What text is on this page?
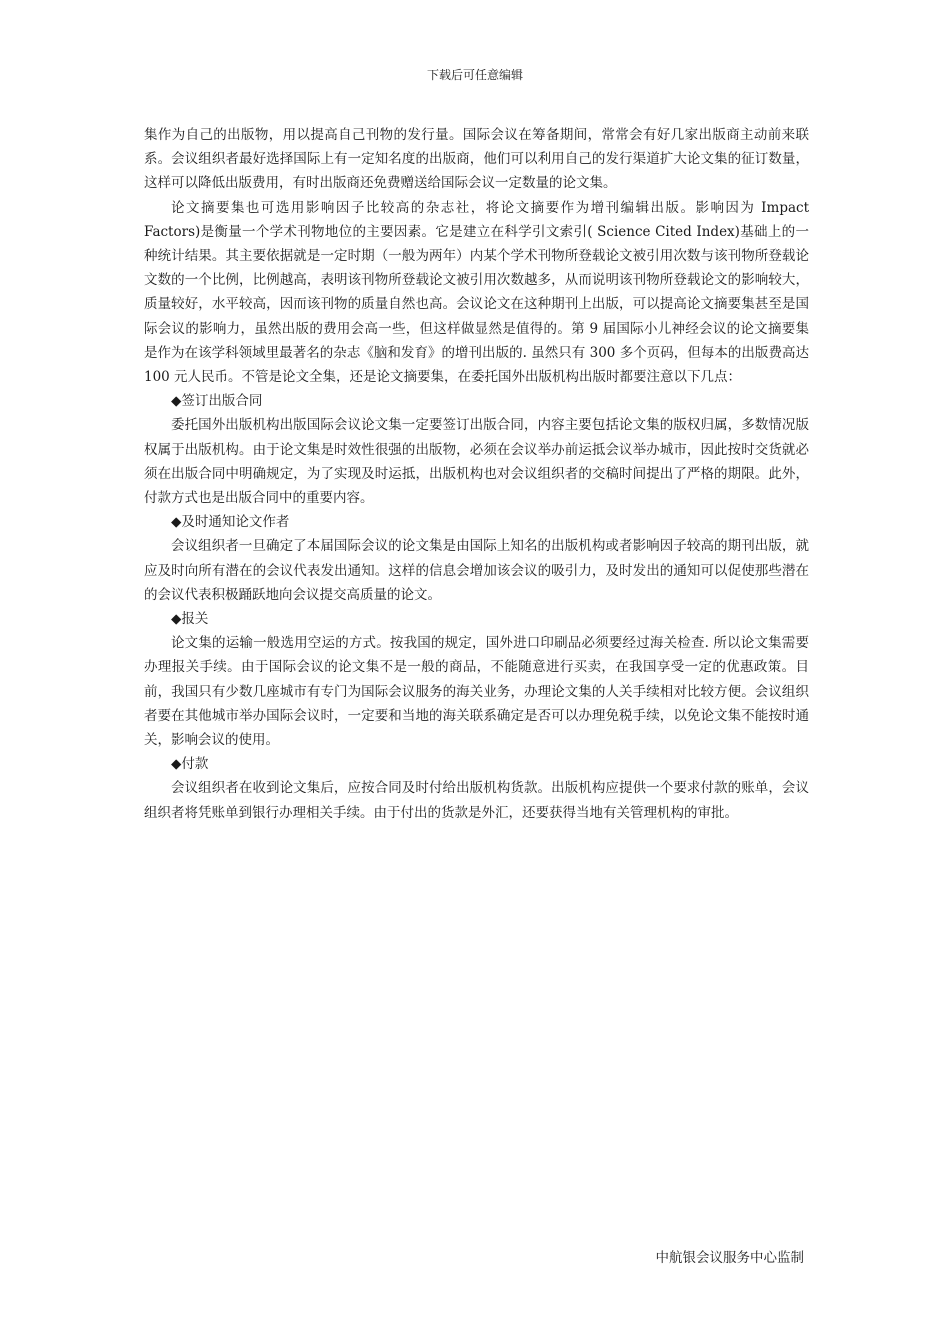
下载后可任意编辑

集作为自己的出版物，用以提高自己刊物的发行量。国际会议在筹备期间，常常会有好几家出版商主动前来联系。会议组织者最好选择国际上有一定知名度的出版商，他们可以利用自己的发行渠道扩大论文集的征订数量，这样可以降低出版费用，有时出版商还免费赠送给国际会议一定数量的论文集。

论文摘要集也可选用影响因子比较高的杂志社，将论文摘要作为增刊编辑出版。影响因为 Impact Factors)是衡量一个学术刊物地位的主要因素。它是建立在科学引文索引( Science Cited Index)基础上的一种统计结果。其主要依据就是一定时期（一般为两年）内某个学术刊物所登载论文被引用次数与该刊物所登载论文数的一个比例，比例越高，表明该刊物所登载论文被引用次数越多，从而说明该刊物所登载论文的影响较大，质量较好，水平较高，因而该刊物的质量自然也高。会议论文在这种期刊上出版，可以提高论文摘要集甚至是国际会议的影响力，虽然出版的费用会高一些，但这样做显然是值得的。第 9 届国际小儿神经会议的论文摘要集是作为在该学科领域里最著名的杂志《脑和发育》的增刊出版的. 虽然只有 300 多个页码，但每本的出版费高达 100 元人民币。不管是论文全集，还是论文摘要集，在委托国外出版机构出版时都要注意以下几点：

◆签订出版合同

委托国外出版机构出版国际会议论文集一定要签订出版合同，内容主要包括论文集的版权归属，多数情况版权属于出版机构。由于论文集是时效性很强的出版物，必须在会议举办前运抵会议举办城市，因此按时交货就必须在出版合同中明确规定，为了实现及时运抵，出版机构也对会议组织者的交稿时间提出了严格的期限。此外，付款方式也是出版合同中的重要内容。

◆及时通知论文作者

会议组织者一旦确定了本届国际会议的论文集是由国际上知名的出版机构或者影响因子较高的期刊出版，就应及时向所有潜在的会议代表发出通知。这样的信息会增加该会议的吸引力，及时发出的通知可以促使那些潜在的会议代表积极踊跃地向会议提交高质量的论文。

◆报关

论文集的运输一般选用空运的方式。按我国的规定，国外进口印刷品必须要经过海关检查. 所以论文集需要办理报关手续。由于国际会议的论文集不是一般的商品，不能随意进行买卖，在我国享受一定的优惠政策。目前，我国只有少数几座城市有专门为国际会议服务的海关业务，办理论文集的人关手续相对比较方便。会议组织者要在其他城市举办国际会议时，一定要和当地的海关联系确定是否可以办理免税手续，以免论文集不能按时通关，影响会议的使用。

◆付款

会议组织者在收到论文集后，应按合同及时付给出版机构货款。出版机构应提供一个要求付款的账单，会议组织者将凭账单到银行办理相关手续。由于付出的货款是外汇，还要获得当地有关管理机构的审批。

中航银会议服务中心监制
